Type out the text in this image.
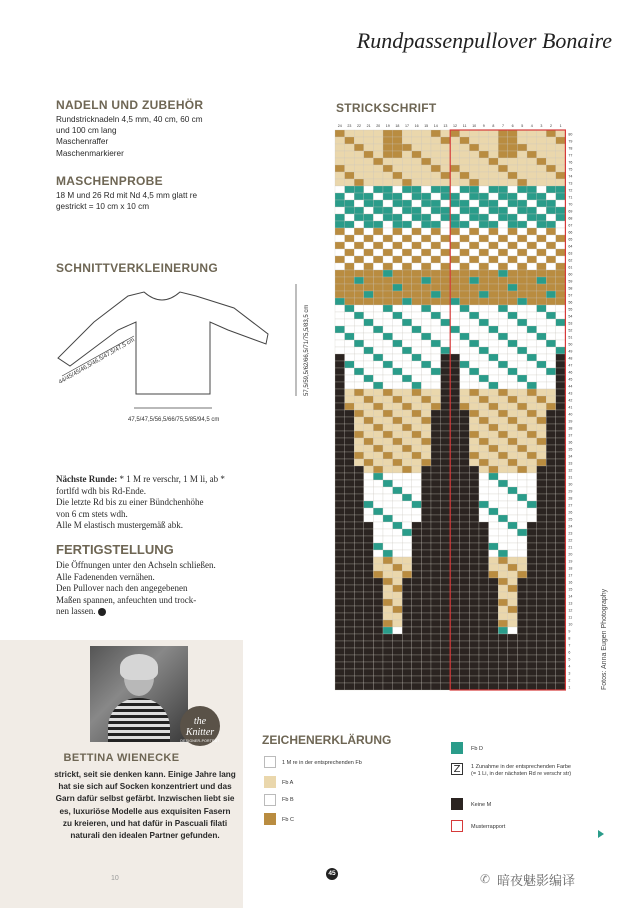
Rundpassenpullover Bonaire
NADELN UND ZUBEHÖR
Rundstricknadeln 4,5 mm, 40 cm, 60 cm
und 100 cm lang
Maschenraffer
Maschenmarkierer
MASCHENPROBE
18 M und 26 Rd mit Nd 4,5 mm glatt re
gestrickt = 10 cm x 10 cm
SCHNITTVERKLEINERUNG
47,5/47,5/56,5/66/75,5/85/94,5 cm
57,5/59,5/62/66,5/71/75,5/83,5 cm
44/45/45/46,5/46,5/47,5/47,5 cm
Nächste Runde: * 1 M re verschr, 1 M li, ab *
fortlfd wdh bis Rd-Ende.
Die letzte Rd bis zu einer Bündchenhöhe
von 6 cm stets wdh.
Alle M elastisch mustergemäß abk.
FERTIGSTELLUNG
Die Öffnungen unter den Achseln schließen.
Alle Fadenenden vernähen.
Den Pullover nach den angegebenen
Maßen spannen, anfeuchten und trock-
nen lassen.
the Knitter
DESIGNER-PORTRÄT
BETTINA WIENECKE
strickt, seit sie denken kann. Einige Jahre lang
hat sie sich auf Socken konzentriert und das
Garn dafür selbst gefärbt. Inzwischen liebt sie
es, luxuriöse Modelle aus exquisiten Fasern
zu kreieren, und hat dafür in Pascuali filati
naturali den idealen Partner gefunden.
STRICKSCHRIFT
24 23 22 21 20 19 18 17 16 15 14 13 12 11 10 9 8 7 6 5 4 3 2 1
80
79
78
77
76
75
74
73
72
71
70
69
68
67
66
65
64
63
62
61
60
59
58
57
56
55
54
53
52
51
50
49
48
47
46
45
44
43
42
41
40
39
38
37
36
35
34
33
32
31
30
29
28
27
26
25
24
23
22
21
20
19
18
17
16
15
14
13
12
11
10
9
8
7
6
5
4
3
2
1	Fotos: Anna Eugen Photography
ZEICHENERKLÄRUNG
1 M re in der entsprechenden Fb
Fb A
Fb B
Fb C
Fb D
Z	1 Zunahme in der entsprechenden Farbe
(= 1 Li, in der nächsten Rd re verschr str)
Keine M
Musterrapport
10
45	✆ 暗夜魅影编译
